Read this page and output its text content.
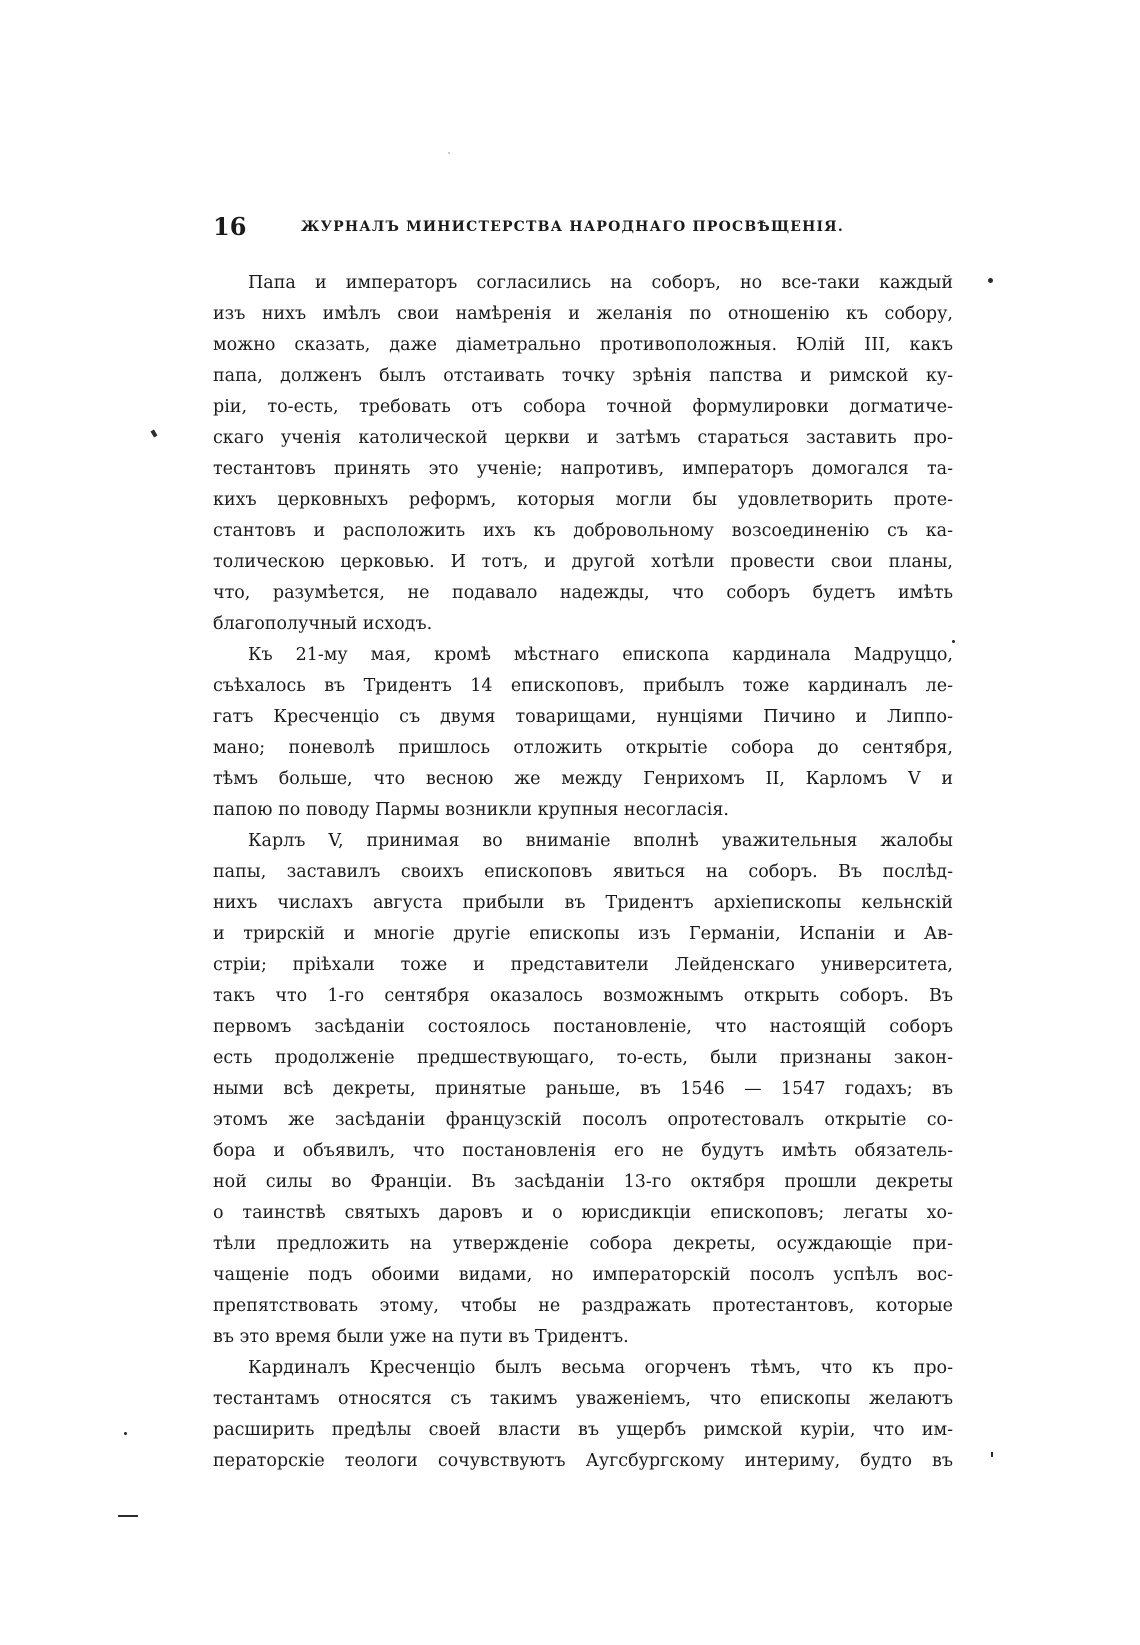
16	ЖУРНАЛЪ МИНИСТЕРСТВА НАРОДНАГО ПРОСВѢЩЕНІЯ.
Папа и императоръ согласились на соборъ, но все-таки каждый
изъ нихъ имѣлъ свои намѣренія и желанія по отношенію къ собору,
можно сказать, даже діаметрально противоположныя. Юлій III, какъ
папа, долженъ былъ отстаивать точку зрѣнія папства и римской ку-
ріи, то-есть, требовать отъ собора точной формулировки догматиче-
скаго ученія католической церкви и затѣмъ стараться заставить про-
тестантовъ принять это ученіе; напротивъ, императоръ домогался та-
кихъ церковныхъ реформъ, которыя могли бы удовлетворить проте-
стантовъ и расположить ихъ къ добровольному возсоединенію съ ка-
толическою церковью. И тотъ, и другой хотѣли провести свои планы,
что, разумѣется, не подавало надежды, что соборъ будетъ имѣть
благополучный исходъ.
Къ 21-му мая, кромѣ мѣстнаго епископа кардинала Мадруццо,
съѣхалось въ Тридентъ 14 епископовъ, прибылъ тоже кардиналъ ле-
гатъ Кресченціо съ двумя товарищами, нунціями Пичино и Липпо-
мано; поневолѣ пришлось отложить открытіе собора до сентября,
тѣмъ больше, что весною же между Генрихомъ II, Карломъ V и
папою по поводу Пармы возникли крупныя несогласія.
Карлъ V, принимая во вниманіе вполнѣ уважительныя жалобы
папы, заставилъ своихъ епископовъ явиться на соборъ. Въ послѣд-
нихъ числахъ августа прибыли въ Тридентъ архіепископы кельнскій
и трирскій и многіе другіе епископы изъ Германіи, Испаніи и Ав-
стріи; пріѣхали тоже и представители Лейденскаго университета,
такъ что 1-го сентября оказалось возможнымъ открыть соборъ. Въ
первомъ засѣданіи состоялось постановленіе, что настоящій соборъ
есть продолженіе предшествующаго, то-есть, были признаны закон-
ными всѣ декреты, принятые раньше, въ 1546 — 1547 годахъ; въ
этомъ же засѣданіи французскій посолъ опротестовалъ открытіе со-
бора и объявилъ, что постановленія его не будутъ имѣть обязатель-
ной силы во Франціи. Въ засѣданіи 13-го октября прошли декреты
о таинствѣ святыхъ даровъ и о юрисдикціи епископовъ; легаты хо-
тѣли предложить на утвержденіе собора декреты, осуждающіе при-
чащеніе подъ обоими видами, но императорскій посолъ успѣлъ вос-
препятствовать этому, чтобы не раздражать протестантовъ, которые
въ это время были уже на пути въ Тридентъ.
Кардиналъ Кресченціо былъ весьма огорченъ тѣмъ, что къ про-
тестантамъ относятся съ такимъ уваженіемъ, что епископы желаютъ
расширить предѣлы своей власти въ ущербъ римской куріи, что им-
ператорскіе теологи сочувствуютъ Аугсбургскому интериму, будто въ
